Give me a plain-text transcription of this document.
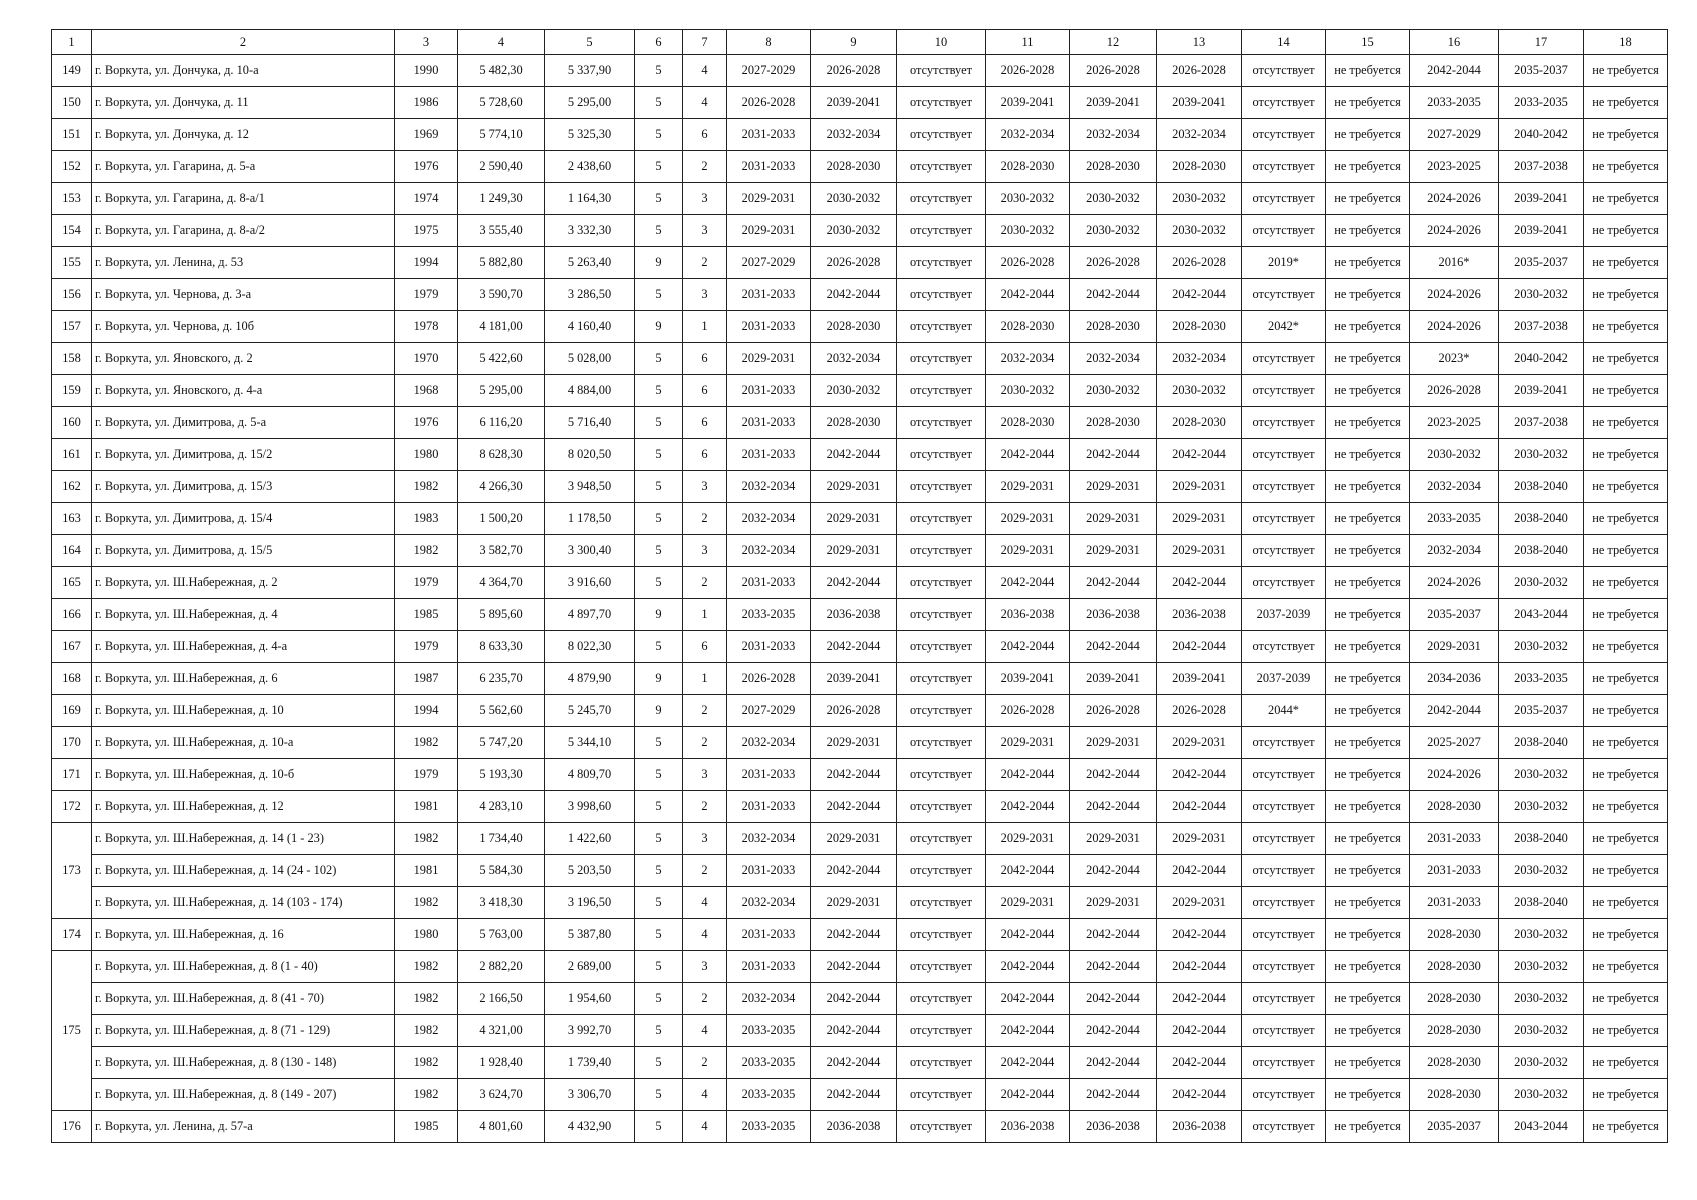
1	2	3	4	5	6	7	8	9	10	11	12	13	14	15	16	17	18
149	г. Воркута, ул. Дончука, д. 10-а	1990	5 482,30	5 337,90	5	4	2027-2029	2026-2028	отсутствует	2026-2028	2026-2028	2026-2028	отсутствует	не требуется	2042-2044	2035-2037	не требуется
150	г. Воркута, ул. Дончука, д. 11	1986	5 728,60	5 295,00	5	4	2026-2028	2039-2041	отсутствует	2039-2041	2039-2041	2039-2041	отсутствует	не требуется	2033-2035	2033-2035	не требуется
151	г. Воркута, ул. Дончука, д. 12	1969	5 774,10	5 325,30	5	6	2031-2033	2032-2034	отсутствует	2032-2034	2032-2034	2032-2034	отсутствует	не требуется	2027-2029	2040-2042	не требуется
152	г. Воркута, ул. Гагарина, д. 5-а	1976	2 590,40	2 438,60	5	2	2031-2033	2028-2030	отсутствует	2028-2030	2028-2030	2028-2030	отсутствует	не требуется	2023-2025	2037-2038	не требуется
153	г. Воркута, ул. Гагарина, д. 8-а/1	1974	1 249,30	1 164,30	5	3	2029-2031	2030-2032	отсутствует	2030-2032	2030-2032	2030-2032	отсутствует	не требуется	2024-2026	2039-2041	не требуется
154	г. Воркута, ул. Гагарина, д. 8-а/2	1975	3 555,40	3 332,30	5	3	2029-2031	2030-2032	отсутствует	2030-2032	2030-2032	2030-2032	отсутствует	не требуется	2024-2026	2039-2041	не требуется
155	г. Воркута, ул. Ленина, д. 53	1994	5 882,80	5 263,40	9	2	2027-2029	2026-2028	отсутствует	2026-2028	2026-2028	2026-2028	2019*	не требуется	2016*	2035-2037	не требуется
156	г. Воркута, ул. Чернова, д. 3-а	1979	3 590,70	3 286,50	5	3	2031-2033	2042-2044	отсутствует	2042-2044	2042-2044	2042-2044	отсутствует	не требуется	2024-2026	2030-2032	не требуется
157	г. Воркута, ул. Чернова, д. 10б	1978	4 181,00	4 160,40	9	1	2031-2033	2028-2030	отсутствует	2028-2030	2028-2030	2028-2030	2042*	не требуется	2024-2026	2037-2038	не требуется
158	г. Воркута, ул. Яновского, д. 2	1970	5 422,60	5 028,00	5	6	2029-2031	2032-2034	отсутствует	2032-2034	2032-2034	2032-2034	отсутствует	не требуется	2023*	2040-2042	не требуется
159	г. Воркута, ул. Яновского, д. 4-а	1968	5 295,00	4 884,00	5	6	2031-2033	2030-2032	отсутствует	2030-2032	2030-2032	2030-2032	отсутствует	не требуется	2026-2028	2039-2041	не требуется
160	г. Воркута, ул. Димитрова, д. 5-а	1976	6 116,20	5 716,40	5	6	2031-2033	2028-2030	отсутствует	2028-2030	2028-2030	2028-2030	отсутствует	не требуется	2023-2025	2037-2038	не требуется
161	г. Воркута, ул. Димитрова, д. 15/2	1980	8 628,30	8 020,50	5	6	2031-2033	2042-2044	отсутствует	2042-2044	2042-2044	2042-2044	отсутствует	не требуется	2030-2032	2030-2032	не требуется
162	г. Воркута, ул. Димитрова, д. 15/3	1982	4 266,30	3 948,50	5	3	2032-2034	2029-2031	отсутствует	2029-2031	2029-2031	2029-2031	отсутствует	не требуется	2032-2034	2038-2040	не требуется
163	г. Воркута, ул. Димитрова, д. 15/4	1983	1 500,20	1 178,50	5	2	2032-2034	2029-2031	отсутствует	2029-2031	2029-2031	2029-2031	отсутствует	не требуется	2033-2035	2038-2040	не требуется
164	г. Воркута, ул. Димитрова, д. 15/5	1982	3 582,70	3 300,40	5	3	2032-2034	2029-2031	отсутствует	2029-2031	2029-2031	2029-2031	отсутствует	не требуется	2032-2034	2038-2040	не требуется
165	г. Воркута, ул. Ш.Набережная, д. 2	1979	4 364,70	3 916,60	5	2	2031-2033	2042-2044	отсутствует	2042-2044	2042-2044	2042-2044	отсутствует	не требуется	2024-2026	2030-2032	не требуется
166	г. Воркута, ул. Ш.Набережная, д. 4	1985	5 895,60	4 897,70	9	1	2033-2035	2036-2038	отсутствует	2036-2038	2036-2038	2036-2038	2037-2039	не требуется	2035-2037	2043-2044	не требуется
167	г. Воркута, ул. Ш.Набережная, д. 4-а	1979	8 633,30	8 022,30	5	6	2031-2033	2042-2044	отсутствует	2042-2044	2042-2044	2042-2044	отсутствует	не требуется	2029-2031	2030-2032	не требуется
168	г. Воркута, ул. Ш.Набережная, д. 6	1987	6 235,70	4 879,90	9	1	2026-2028	2039-2041	отсутствует	2039-2041	2039-2041	2039-2041	2037-2039	не требуется	2034-2036	2033-2035	не требуется
169	г. Воркута, ул. Ш.Набережная, д. 10	1994	5 562,60	5 245,70	9	2	2027-2029	2026-2028	отсутствует	2026-2028	2026-2028	2026-2028	2044*	не требуется	2042-2044	2035-2037	не требуется
170	г. Воркута, ул. Ш.Набережная, д. 10-а	1982	5 747,20	5 344,10	5	2	2032-2034	2029-2031	отсутствует	2029-2031	2029-2031	2029-2031	отсутствует	не требуется	2025-2027	2038-2040	не требуется
171	г. Воркута, ул. Ш.Набережная, д. 10-б	1979	5 193,30	4 809,70	5	3	2031-2033	2042-2044	отсутствует	2042-2044	2042-2044	2042-2044	отсутствует	не требуется	2024-2026	2030-2032	не требуется
172	г. Воркута, ул. Ш.Набережная, д. 12	1981	4 283,10	3 998,60	5	2	2031-2033	2042-2044	отсутствует	2042-2044	2042-2044	2042-2044	отсутствует	не требуется	2028-2030	2030-2032	не требуется
173	г. Воркута, ул. Ш.Набережная, д. 14 (1 - 23)	1982	1 734,40	1 422,60	5	3	2032-2034	2029-2031	отсутствует	2029-2031	2029-2031	2029-2031	отсутствует	не требуется	2031-2033	2038-2040	не требуется
	г. Воркута, ул. Ш.Набережная, д. 14 (24 - 102)	1981	5 584,30	5 203,50	5	2	2031-2033	2042-2044	отсутствует	2042-2044	2042-2044	2042-2044	отсутствует	не требуется	2031-2033	2030-2032	не требуется
	г. Воркута, ул. Ш.Набережная, д. 14 (103 - 174)	1982	3 418,30	3 196,50	5	4	2032-2034	2029-2031	отсутствует	2029-2031	2029-2031	2029-2031	отсутствует	не требуется	2031-2033	2038-2040	не требуется
174	г. Воркута, ул. Ш.Набережная, д. 16	1980	5 763,00	5 387,80	5	4	2031-2033	2042-2044	отсутствует	2042-2044	2042-2044	2042-2044	отсутствует	не требуется	2028-2030	2030-2032	не требуется
175	г. Воркута, ул. Ш.Набережная, д. 8 (1 - 40)	1982	2 882,20	2 689,00	5	3	2031-2033	2042-2044	отсутствует	2042-2044	2042-2044	2042-2044	отсутствует	не требуется	2028-2030	2030-2032	не требуется
	г. Воркута, ул. Ш.Набережная, д. 8 (41 - 70)	1982	2 166,50	1 954,60	5	2	2032-2034	2042-2044	отсутствует	2042-2044	2042-2044	2042-2044	отсутствует	не требуется	2028-2030	2030-2032	не требуется
	г. Воркута, ул. Ш.Набережная, д. 8 (71 - 129)	1982	4 321,00	3 992,70	5	4	2033-2035	2042-2044	отсутствует	2042-2044	2042-2044	2042-2044	отсутствует	не требуется	2028-2030	2030-2032	не требуется
	г. Воркута, ул. Ш.Набережная, д. 8 (130 - 148)	1982	1 928,40	1 739,40	5	2	2033-2035	2042-2044	отсутствует	2042-2044	2042-2044	2042-2044	отсутствует	не требуется	2028-2030	2030-2032	не требуется
	г. Воркута, ул. Ш.Набережная, д. 8 (149 - 207)	1982	3 624,70	3 306,70	5	4	2033-2035	2042-2044	отсутствует	2042-2044	2042-2044	2042-2044	отсутствует	не требуется	2028-2030	2030-2032	не требуется
176	г. Воркута, ул. Ленина, д. 57-а	1985	4 801,60	4 432,90	5	4	2033-2035	2036-2038	отсутствует	2036-2038	2036-2038	2036-2038	отсутствует	не требуется	2035-2037	2043-2044	не требуется
